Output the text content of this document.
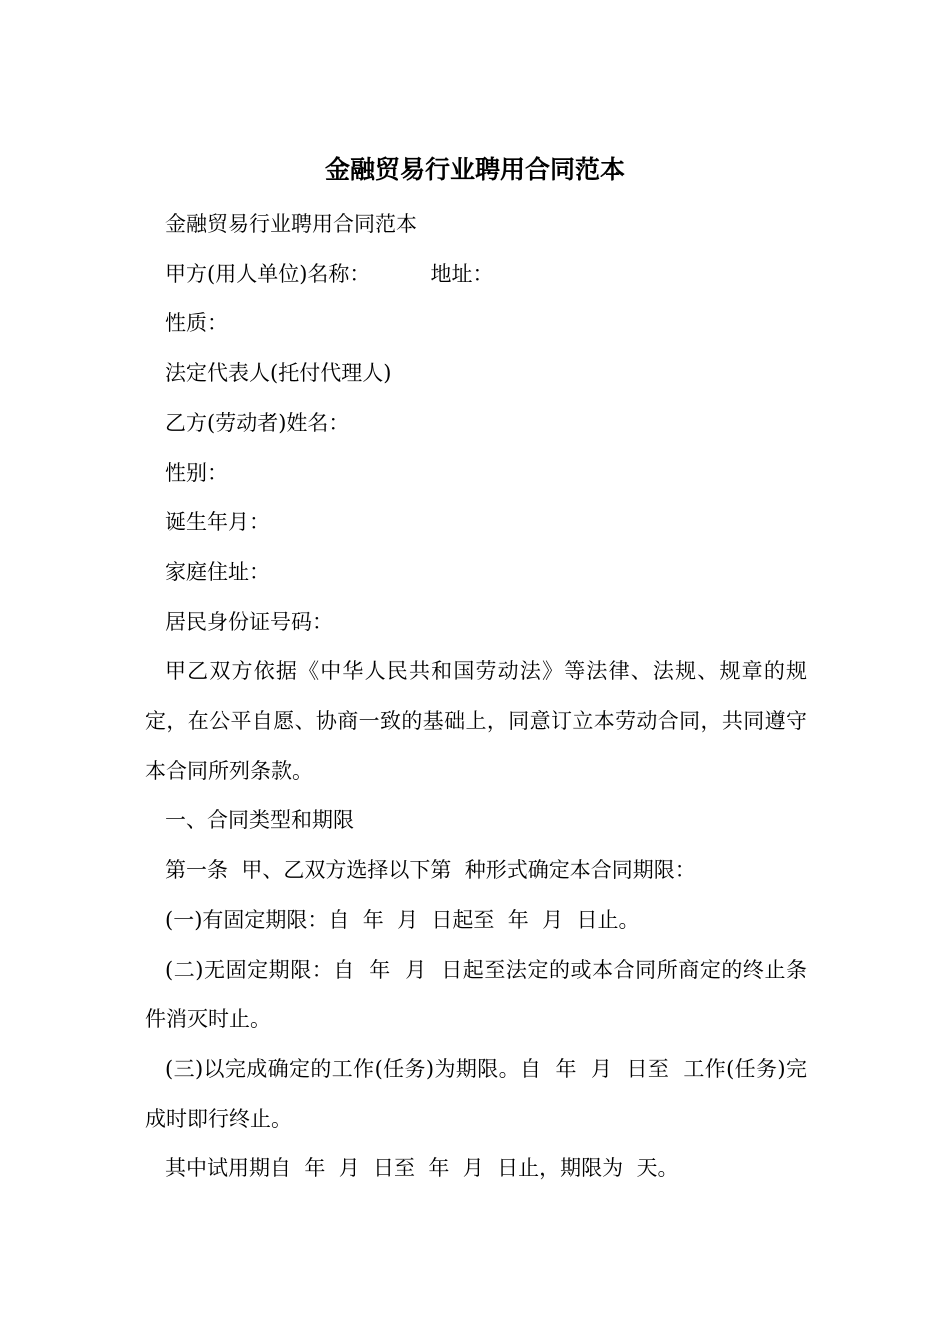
金融贸易行业聘用合同范本

金融贸易行业聘用合同范本

甲方(用人单位)名称：         地址：

性质：

法定代表人(托付代理人)

乙方(劳动者)姓名：

性别：

诞生年月：

家庭住址：

居民身份证号码：

甲乙双方依据《中华人民共和国劳动法》等法律、法规、规章的规定，在公平自愿、协商一致的基础上，同意订立本劳动合同，共同遵守本合同所列条款。

一、合同类型和期限

第一条  甲、乙双方选择以下第  种形式确定本合同期限：

(一)有固定期限：自  年  月  日起至  年  月  日止。

(二)无固定期限：自  年  月  日起至法定的或本合同所商定的终止条件消灭时止。

(三)以完成确定的工作(任务)为期限。自  年  月  日至  工作(任务)完成时即行终止。

其中试用期自  年  月  日至  年  月  日止，期限为  天。
